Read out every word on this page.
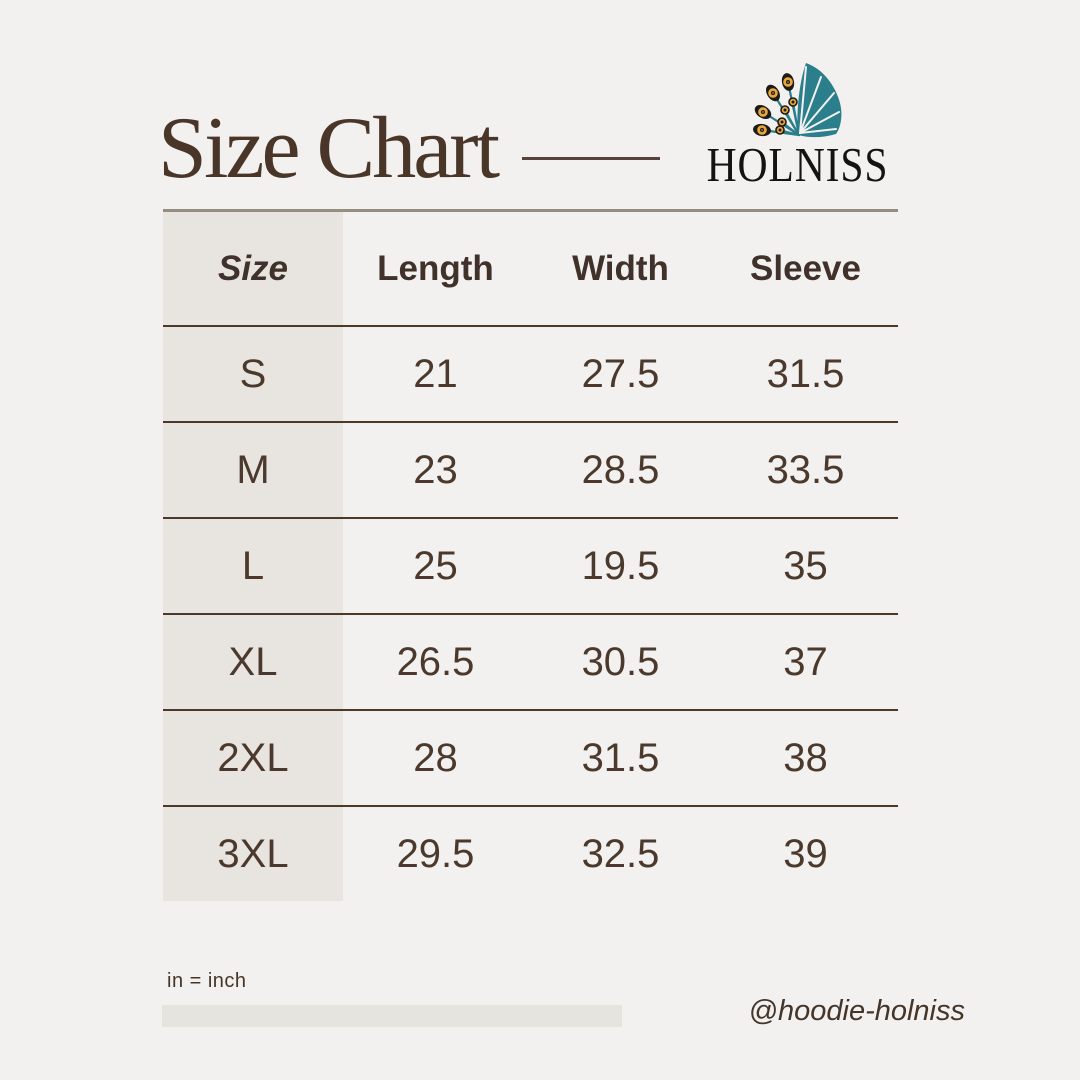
Size Chart	HOLNISS
Size	Length	Width	Sleeve
S	21	27.5	31.5
M	23	28.5	33.5
L	25	19.5	35
XL	26.5	30.5	37
2XL	28	31.5	38
3XL	29.5	32.5	39
in = inch
@hoodie-holniss
